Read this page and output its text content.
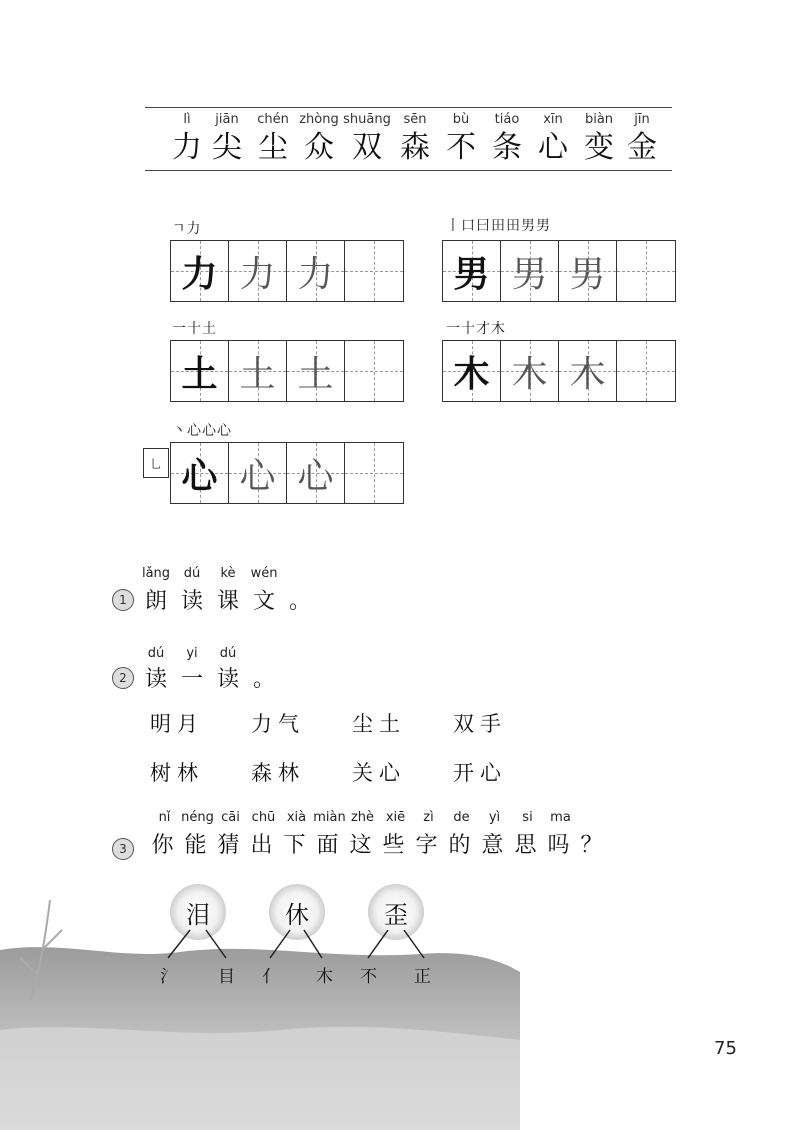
lì
力
jiān
尖
chén
尘
zhòng
众
shuāng
双
sēn
森
bù
不
tiáo
条
xīn
心
biàn
变
jīn
金
ㄱ力
力 力 力
丨口曰田田男男
男 男 男
一十土
土 土 土
一十才木
木 木 木
丶心心心
乚 心 心 心
lǎng	dú	kè	wén
1 朗 读 课 文 。
dú	yi	dú
2 读 一 读 。
明月	力气	尘土	双手
树林	森林	关心	开心
nǐ néng cāi chū xià miàn zhè xiē	zì	de	yì	si	ma
3	你 能 猜 出 下 面 这 些 字 的 意 思 吗 ？
泪	休	歪
氵 目 亻 木 不 正
75
